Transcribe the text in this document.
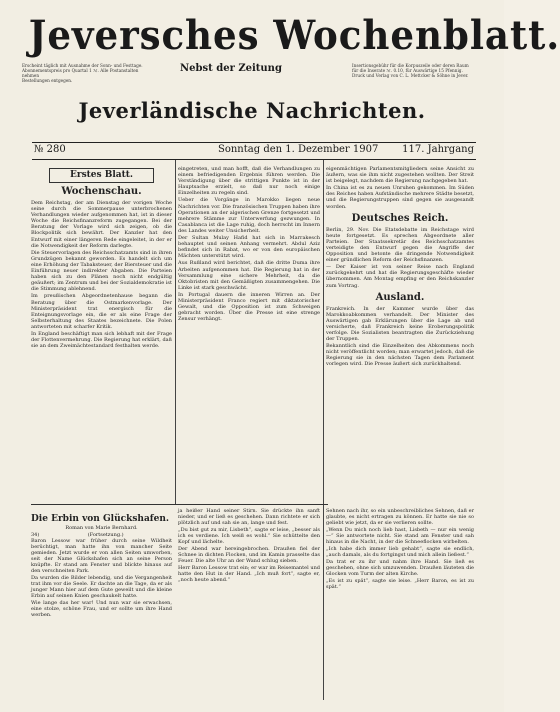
Jeversches Wochenblatt.
Erscheint täglich mit Ausnahme der Sonn- und Festtage.
Abonnementspreis pro Quartal 1 ℳ. Alle Postanstalten nehmen
Bestellungen entgegen.
Nebst der Zeitung	Insertionsgebühr für die Korpuszeile oder deren Raum
für die Inserate ℳ. 0.10, für Auswärtige 15 Pfennig.
Druck und Verlag von C. L. Mettcker & Söhne in Jever.
Jeverländische Nachrichten.
№ 280	Sonntag den 1. Dezember 1907 117. Jahrgang
Erstes Blatt.
Wochenschau.

Dem Reichstag, der am Dienstag der vorigen Woche seine durch die Sommerpause unterbrochenen Verhandlungen wieder aufgenommen hat, ist in dieser Woche die Reichsfinanzreform zugegangen. Bei der Beratung der Vorlage wird sich zeigen, ob die Blockpolitik sich bewährt. Der Kanzler hat den Entwurf mit einer längeren Rede eingeleitet, in der er die Notwendigkeit der Reform darlegte.

Die Steuervorlagen des Reichsschatzamts sind in ihren Grundzügen bekannt geworden. Es handelt sich um eine Erhöhung der Tabaksteuer, der Biersteuer und die Einführung neuer indirekter Abgaben. Die Parteien haben sich zu den Plänen noch nicht endgültig geäußert; im Zentrum und bei der Sozialdemokratie ist die Stimmung ablehnend.

Im preußischen Abgeordnetenhause begann die Beratung über die Ostmarkenvorlage. Der Ministerpräsident trat energisch für die Enteignungsvorlage ein, die er als eine Frage der Selbsterhaltung des Staates bezeichnete. Die Polen antworteten mit scharfer Kritik.

In England beschäftigt man sich lebhaft mit der Frage der Flottenvermehrung. Die Regierung hat erklärt, daß sie an dem Zweimächtestandard festhalten werde.

eingetreten, und man hofft, daß die Verhandlungen zu einem befriedigenden Ergebnis führen werden. Die Verständigung über die strittigen Punkte ist in der Hauptsache erzielt, so daß nur noch einige Einzelheiten zu regeln sind.

Ueber die Vorgänge in Marokko liegen neue Nachrichten vor. Die französischen Truppen haben ihre Operationen an der algerischen Grenze fortgesetzt und mehrere Stämme zur Unterwerfung gezwungen. In Casablanca ist die Lage ruhig, doch herrscht im Innern des Landes weiter Unsicherheit.

Der Sultan Mulay Hafid hat sich in Marrakesch behauptet und seinen Anhang vermehrt. Abdul Aziz befindet sich in Rabat, wo er von den europäischen Mächten unterstützt wird.

Aus Rußland wird berichtet, daß die dritte Duma ihre Arbeiten aufgenommen hat. Die Regierung hat in der Versammlung eine sichere Mehrheit, da die Oktobristen mit den Gemäßigten zusammengehen. Die Linke ist stark geschwächt.

In Portugal dauern die inneren Wirren an. Der Ministerpräsident Franco regiert mit diktatorischer Gewalt, und die Opposition ist zum Schweigen gebracht worden. Über die Presse ist eine strenge Zensur verhängt.

eigenmächtigen Parlamentsmitgliedern seine Ansicht zu äußern, was sie ihm nicht zugestehen wollten. Der Streit ist beigelegt, nachdem die Regierung nachgegeben hat.

In China ist es zu neuen Unruhen gekommen. Im Süden des Reiches haben Aufständische mehrere Städte besetzt, und die Regierungstruppen sind gegen sie ausgesandt worden.

Deutsches Reich.

Berlin, 29. Nov. Die Etatsdebatte im Reichstage wird heute fortgesetzt. Es sprechen Abgeordnete aller Parteien. Der Staatssekretär des Reichsschatzamtes verteidigte den Entwurf gegen die Angriffe der Opposition und betonte die dringende Notwendigkeit einer gründlichen Reform der Reichsfinanzen.

— Der Kaiser ist von seiner Reise nach England zurückgekehrt und hat die Regierungsgeschäfte wieder übernommen. Am Montag empfing er den Reichskanzler zum Vortrag.

Ausland.

Frankreich. In der Kammer wurde über das Marokkoabkommen verhandelt. Der Minister des Auswärtigen gab Erklärungen über die Lage ab und versicherte, daß Frankreich keine Eroberungspolitik verfolge. Die Sozialisten beantragten die Zurückziehung der Truppen.

Bekanntlich sind die Einzelheiten des Abkommens noch nicht veröffentlicht worden; man erwartet jedoch, daß die Regierung sie in den nächsten Tagen dem Parlament vorlegen wird. Die Presse äußert sich zurückhaltend.

Die Erbin von Glückshafen.
Roman von Marie Bernhard.
34)	(Fortsetzung.)

Baron Lessow war früher durch seine Wildheit berüchtigt, man hatte ihn von mancher Seite gemieden. Jetzt wurde er von allen Seiten umworben, seit der Name Glückshafen sich an seine Person knüpfte. Er stand am Fenster und blickte hinaus auf den verschneiten Park.

Da wurden die Bilder lebendig, und die Vergangenheit trat ihm vor die Seele. Er dachte an die Tage, da er als junger Mann hier auf dem Gute geweilt und die kleine Erbin auf seinen Knien geschaukelt hatte.

Wie lange das her war! Und nun war sie erwachsen, eine stolze, schöne Frau, und er sollte um ihre Hand werben.

ja heißer Hand seiner Stirn. Sie drückte ihn sanft nieder, und er ließ es geschehen. Dann richtete er sich plötzlich auf und sah sie an, lange und fest.

„Du bist gut zu mir, Lisbeth“, sagte er leise, „besser als ich es verdiene. Ich weiß es wohl.“ Sie schüttelte den Kopf und lächelte.

Der Abend war hereingebrochen. Draußen fiel der Schnee in dichten Flocken, und im Kamin prasselte das Feuer. Die alte Uhr an der Wand schlug sieben.

Herr Baron Lessow trat ein; er war im Reisemantel und hatte den Hut in der Hand. „Ich muß fort“, sagte er, „noch heute abend.“

Sehnen nach ihr, so ein unbeschreibliches Sehnen, daß er glaubte, es nicht ertragen zu können. Er hatte sie nie so geliebt wie jetzt, da er sie verlieren sollte.

„Wenn Du mich noch lieb hast, Lisbeth — nur ein wenig —“ Sie antwortete nicht. Sie stand am Fenster und sah hinaus in die Nacht, in der die Schneeflocken wirbelten.

„Ich habe dich immer lieb gehabt“, sagte sie endlich, „auch damals, als du fortgingst und mich allein ließest.“

Da trat er zu ihr und nahm ihre Hand. Sie ließ es geschehen, ohne sich umzuwenden. Draußen läuteten die Glocken vom Turm der alten Kirche.

„Es ist zu spät“, sagte sie leise. „Herr Baron, es ist zu spät.“
